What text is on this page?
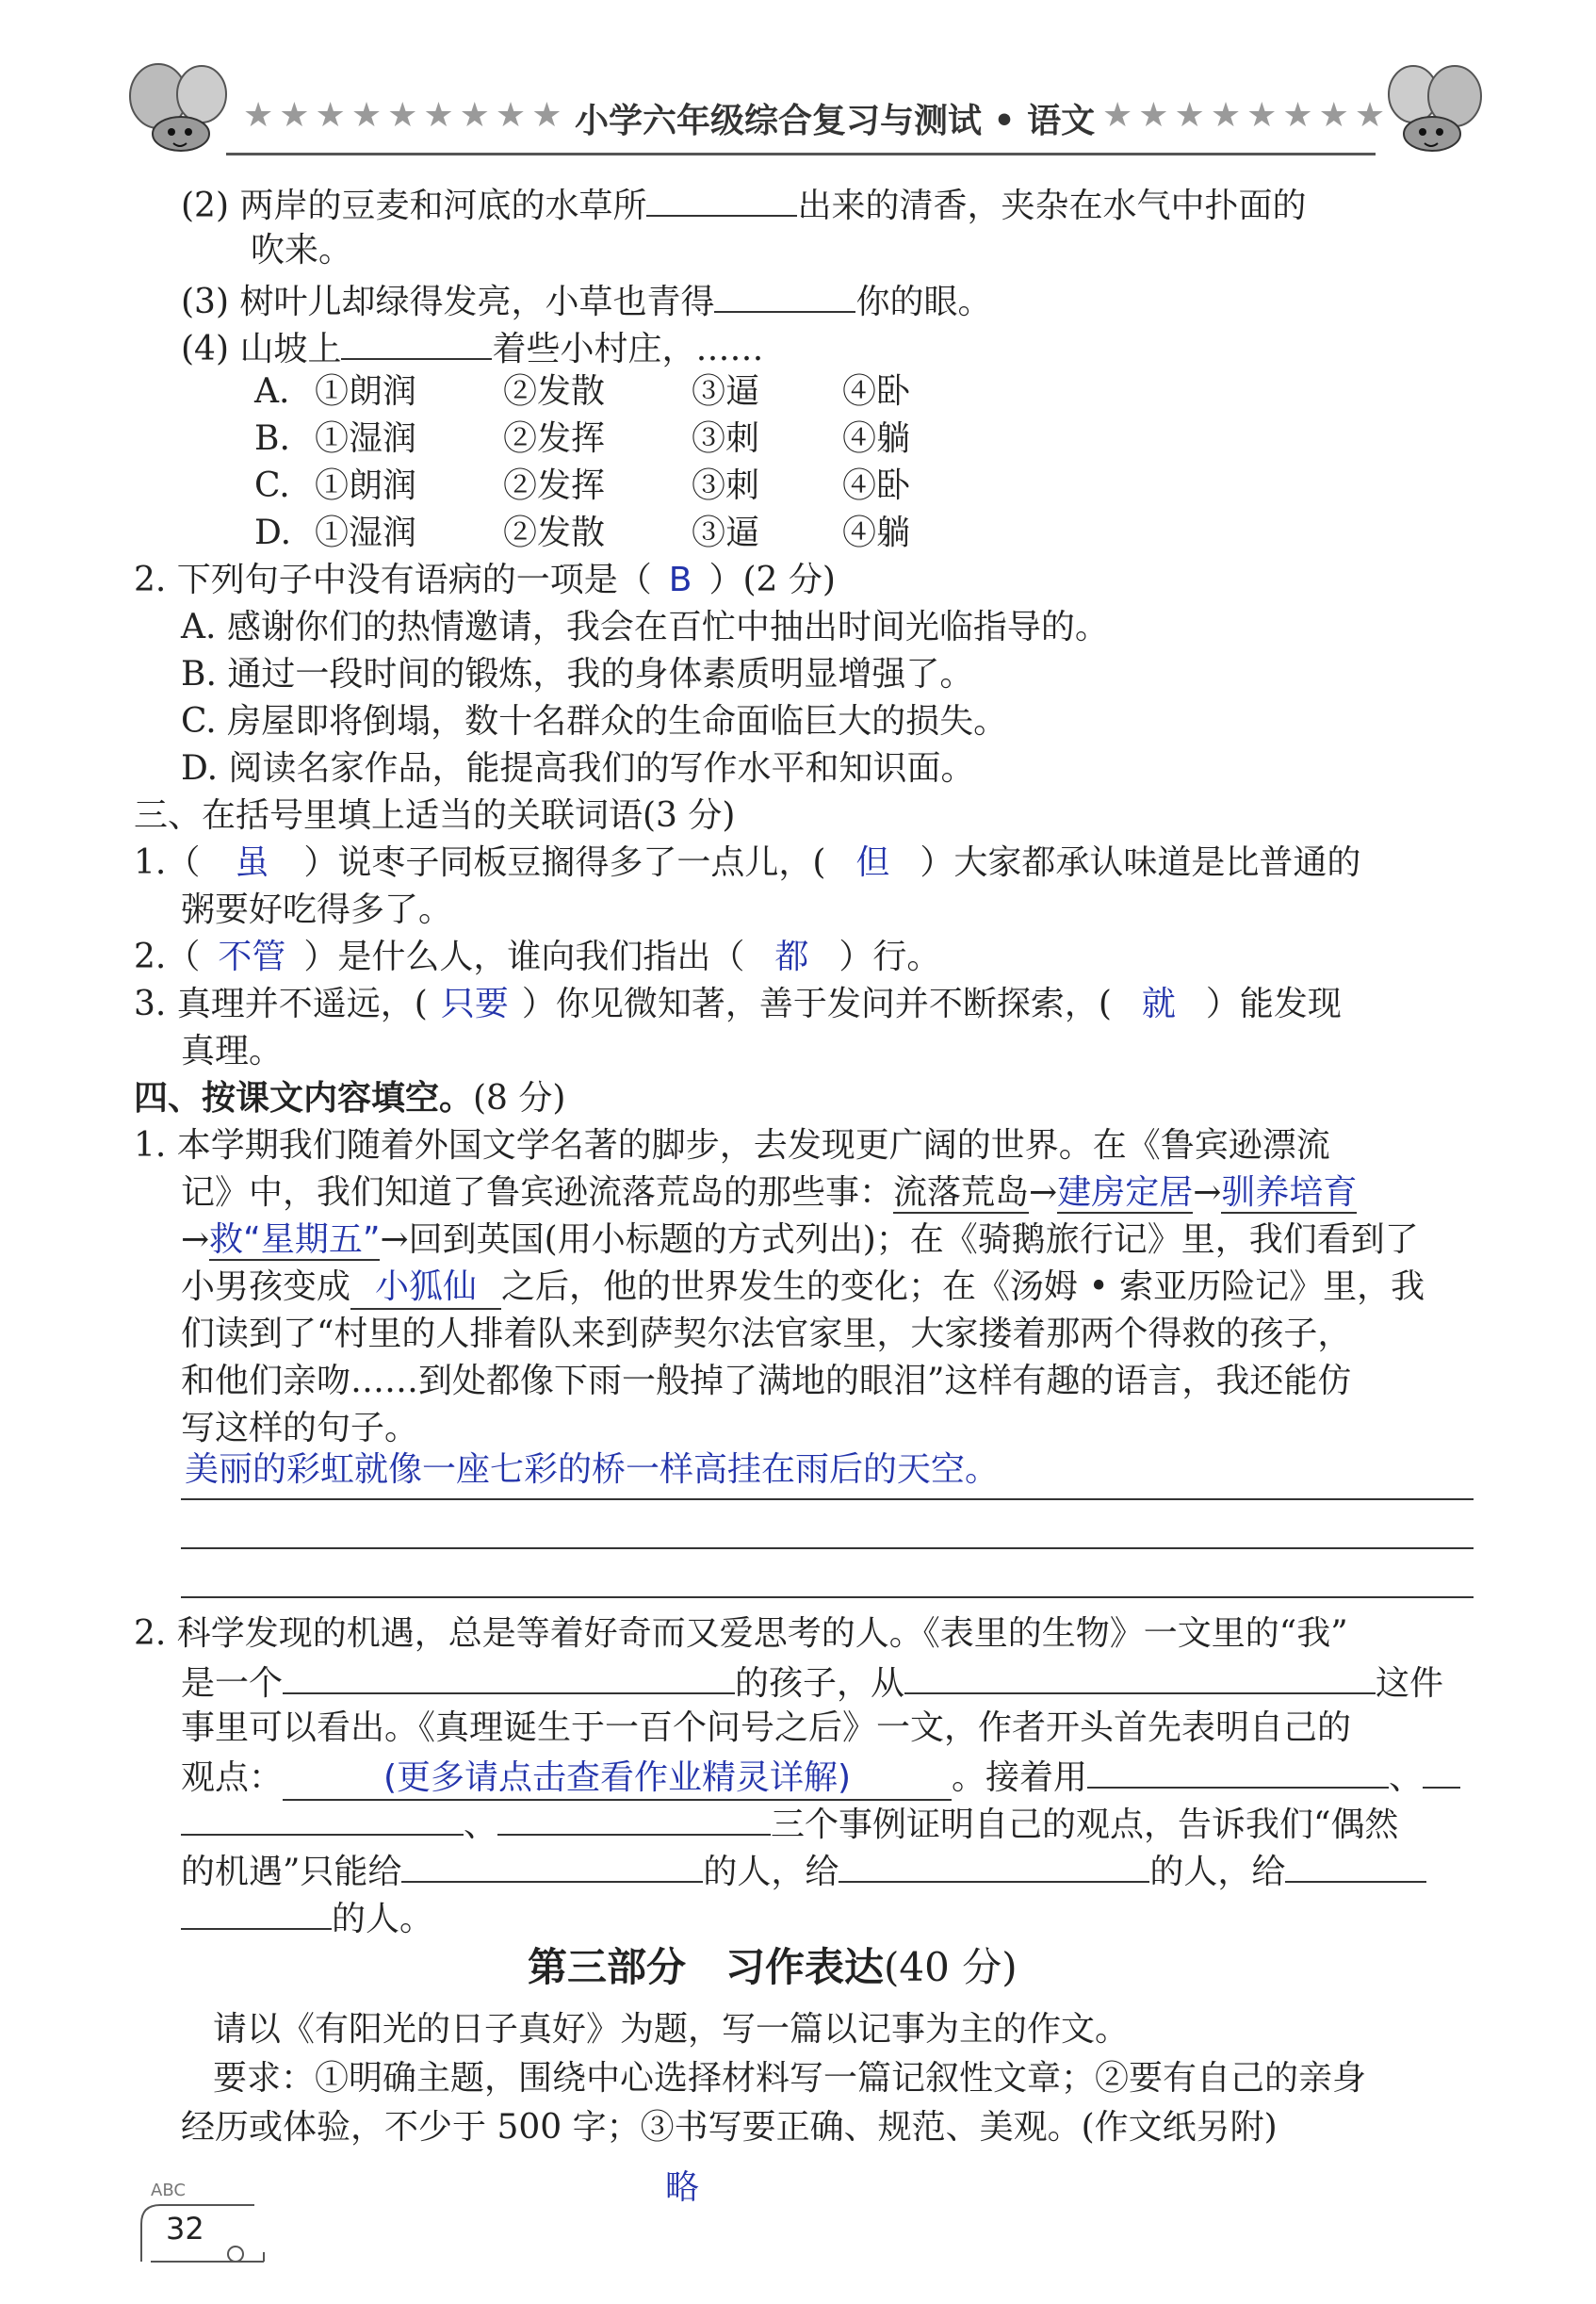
★★★★★★★★★ 小学六年级综合复习与测试 • 语文 ★★★★★★★★
(2) 两岸的豆麦和河底的水草所	出来的清香，夹杂在水气中扑面的
吹来。
(3) 树叶儿却绿得发亮，小草也青得	你的眼。
(4) 山坡上	着些小村庄，……
A. ①朗润	②发散	③逼 ④卧
B. ①湿润	②发挥	③刺 ④躺
C. ①朗润	②发挥	③刺 ④卧
D. ①湿润	②发散	③逼 ④躺
2. 下列句子中没有语病的一项是（ B ）(2 分)
A. 感谢你们的热情邀请，我会在百忙中抽出时间光临指导的。
B. 通过一段时间的锻炼，我的身体素质明显增强了。
C. 房屋即将倒塌，数十名群众的生命面临巨大的损失。
D. 阅读名家作品，能提高我们的写作水平和知识面。
三、在括号里填上适当的关联词语(3 分)
1.（ 虽 ）说枣子同板豆搁得多了一点儿，( 但 ）大家都承认味道是比普通的
粥要好吃得多了。
2.（ 不管 ）是什么人，谁向我们指出（ 都 ）行。
3. 真理并不遥远，( 只要 ）你见微知著，善于发问并不断探索，( 就 ）能发现
真理。
四、按课文内容填空。(8 分)
1. 本学期我们随着外国文学名著的脚步，去发现更广阔的世界。在《鲁宾逊漂流
记》中，我们知道了鲁宾逊流落荒岛的那些事：流落荒岛→建房定居→驯养培育
→救“星期五”→回到英国(用小标题的方式列出)；在《骑鹅旅行记》里，我们看到了
小男孩变成 小狐仙 之后，他的世界发生的变化；在《汤姆 • 索亚历险记》里，我
们读到了“村里的人排着队来到萨契尔法官家里，大家搂着那两个得救的孩子，
和他们亲吻……到处都像下雨一般掉了满地的眼泪”这样有趣的语言，我还能仿
写这样的句子。
美丽的彩虹就像一座七彩的桥一样高挂在雨后的天空。
2. 科学发现的机遇，总是等着好奇而又爱思考的人。《表里的生物》一文里的“我”
是一个	的孩子，从	这件
事里可以看出。《真理诞生于一百个问号之后》一文，作者开头首先表明自己的
观点：	(更多请点击查看作业精灵详解)	。接着用	、
、	三个事例证明自己的观点，告诉我们“偶然
的机遇”只能给	的人，给	的人，给
的人。
第三部分　习作表达(40 分)
请以《有阳光的日子真好》为题，写一篇以记事为主的作文。
要求：①明确主题，围绕中心选择材料写一篇记叙性文章；②要有自己的亲身
经历或体验，不少于 500 字；③书写要正确、规范、美观。(作文纸另附)
略
ABC
32
